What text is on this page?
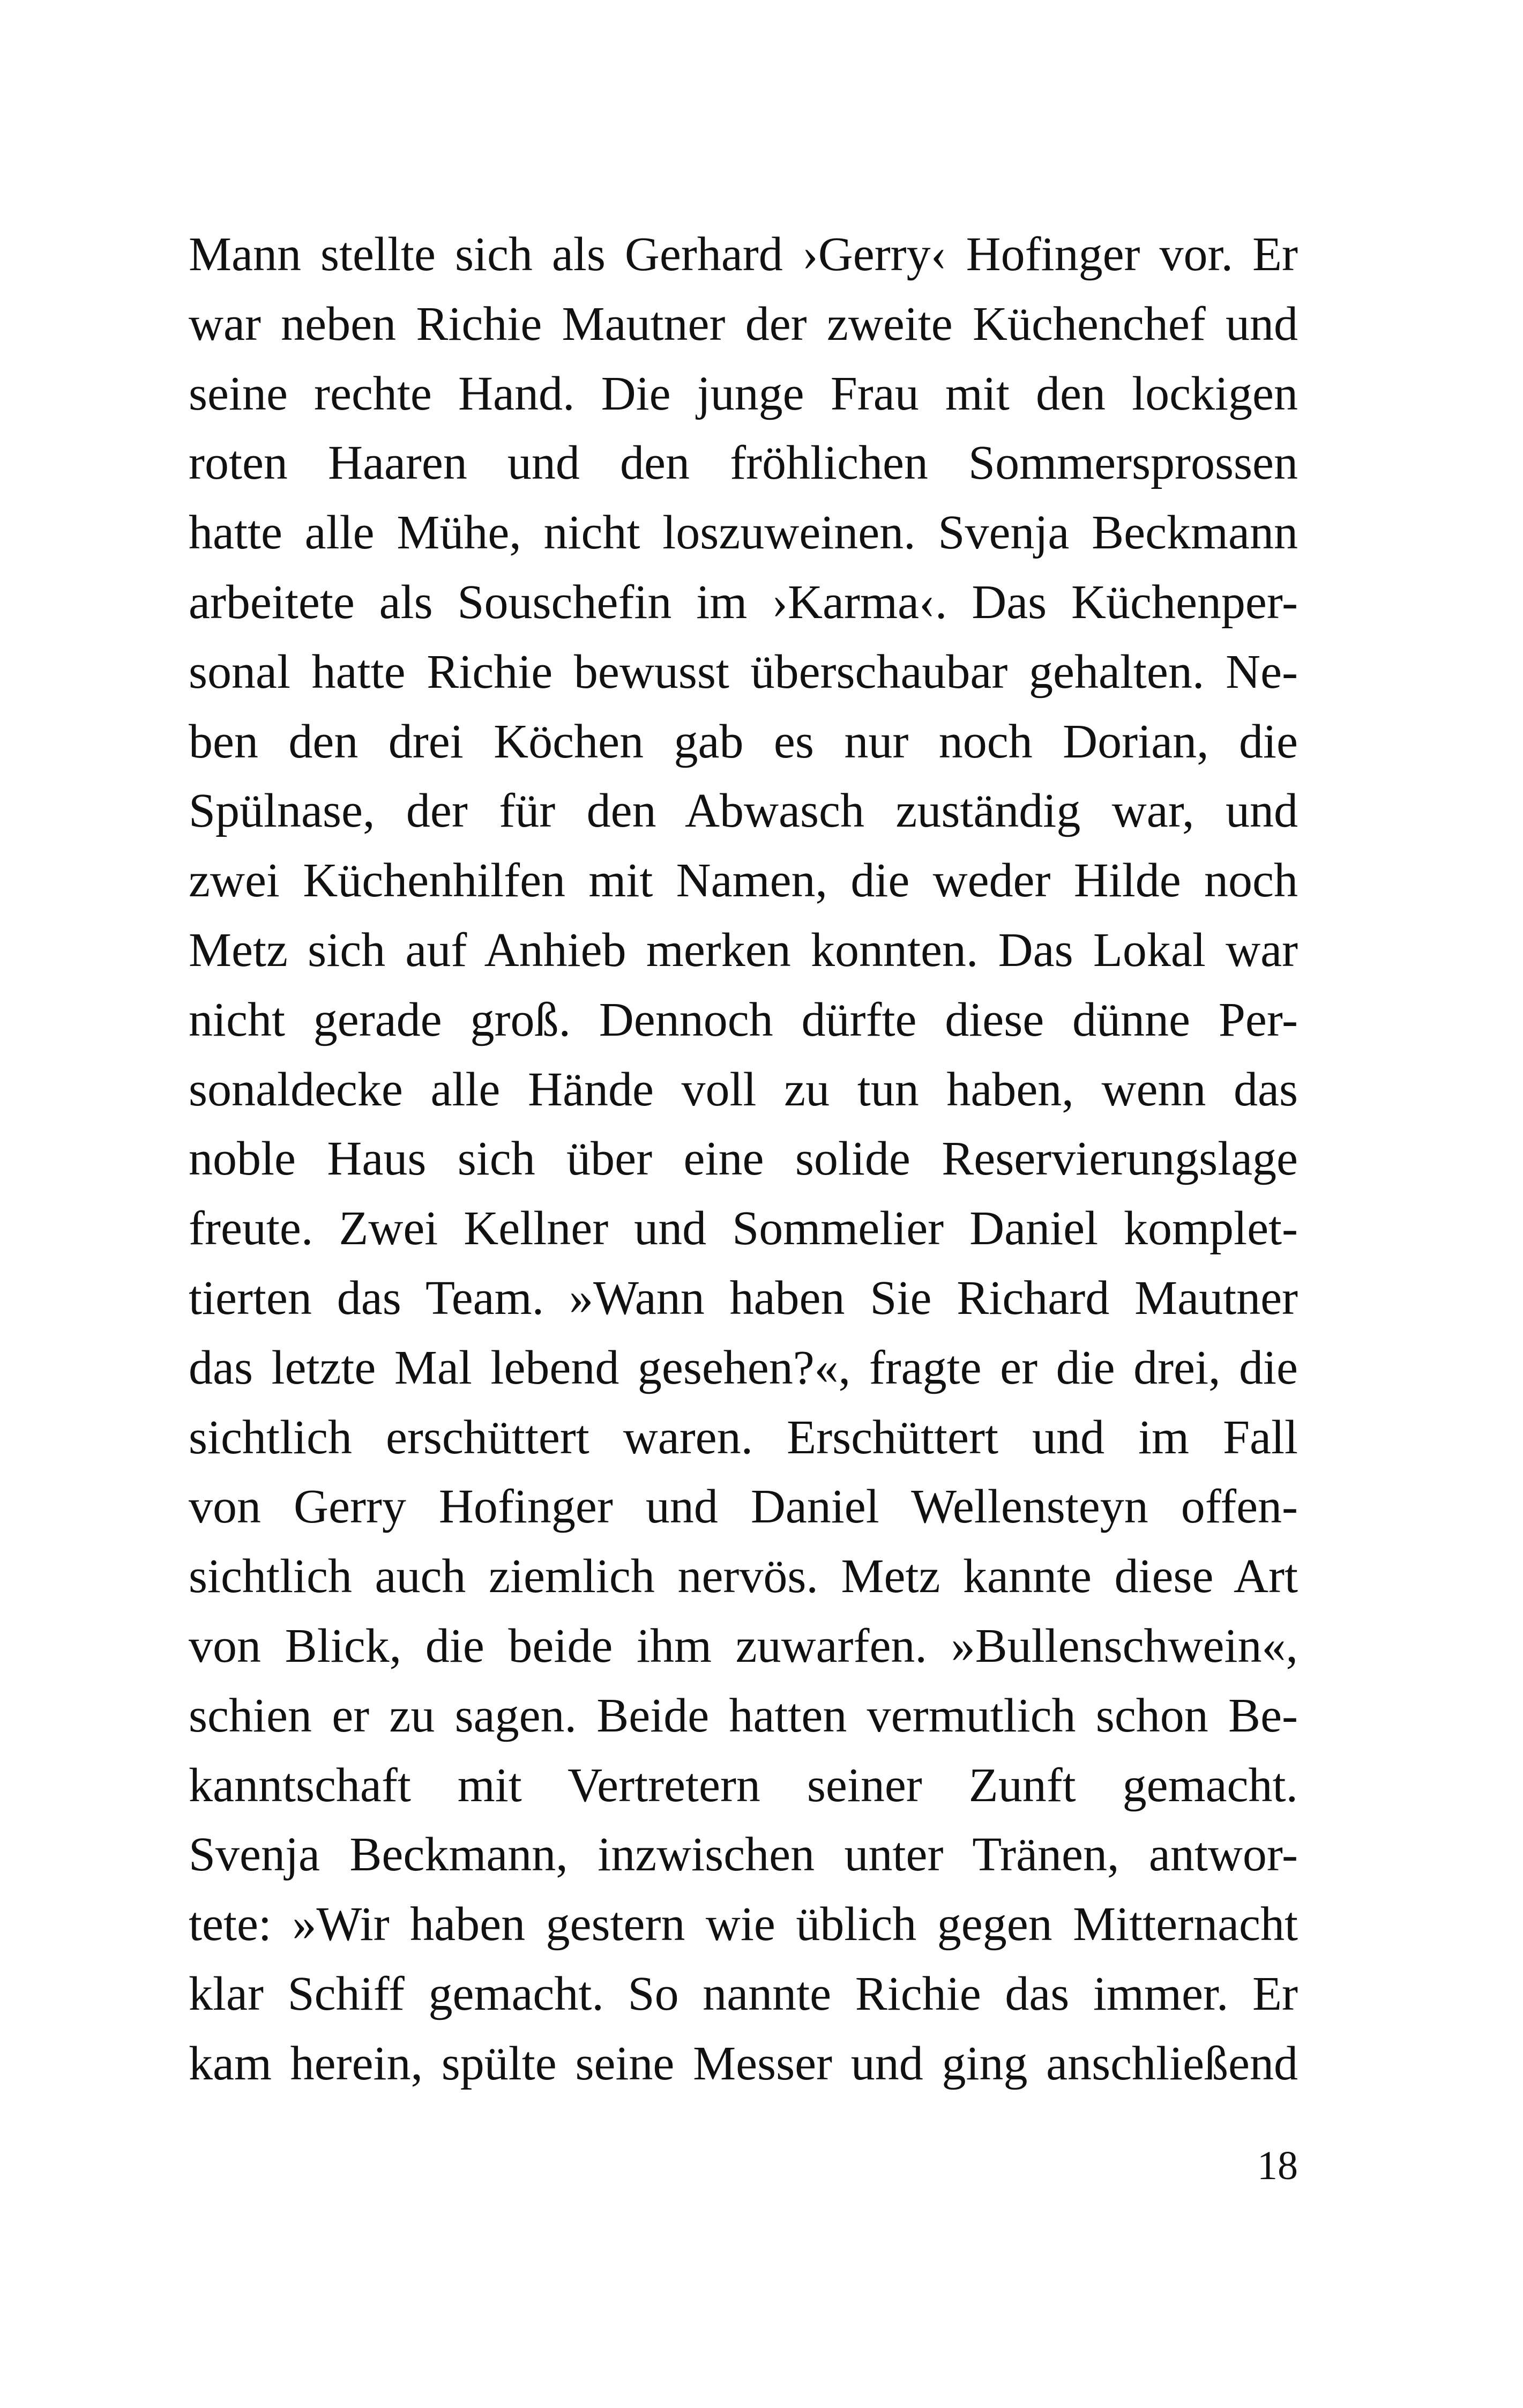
Mann stellte sich als Gerhard ›Gerry‹ Hofinger vor. Er
war neben Richie Mautner der zweite Küchenchef und
seine rechte Hand. Die junge Frau mit den lockigen
roten Haaren und den fröhlichen Sommersprossen
hatte alle Mühe, nicht loszuweinen. Svenja Beckmann
arbeitete als Souschefin im ›Karma‹. Das Küchenper-
sonal hatte Richie bewusst überschaubar gehalten. Ne-
ben den drei Köchen gab es nur noch Dorian, die
Spülnase, der für den Abwasch zuständig war, und
zwei Küchenhilfen mit Namen, die weder Hilde noch
Metz sich auf Anhieb merken konnten. Das Lokal war
nicht gerade groß. Dennoch dürfte diese dünne Per-
sonaldecke alle Hände voll zu tun haben, wenn das
noble Haus sich über eine solide Reservierungslage
freute. Zwei Kellner und Sommelier Daniel komplet-
tierten das Team. »Wann haben Sie Richard Mautner
das letzte Mal lebend gesehen?«, fragte er die drei, die
sichtlich erschüttert waren. Erschüttert und im Fall
von Gerry Hofinger und Daniel Wellensteyn offen-
sichtlich auch ziemlich nervös. Metz kannte diese Art
von Blick, die beide ihm zuwarfen. »Bullenschwein«,
schien er zu sagen. Beide hatten vermutlich schon Be-
kanntschaft mit Vertretern seiner Zunft gemacht.
Svenja Beckmann, inzwischen unter Tränen, antwor-
tete: »Wir haben gestern wie üblich gegen Mitternacht
klar Schiff gemacht. So nannte Richie das immer. Er
kam herein, spülte seine Messer und ging anschließend
18
